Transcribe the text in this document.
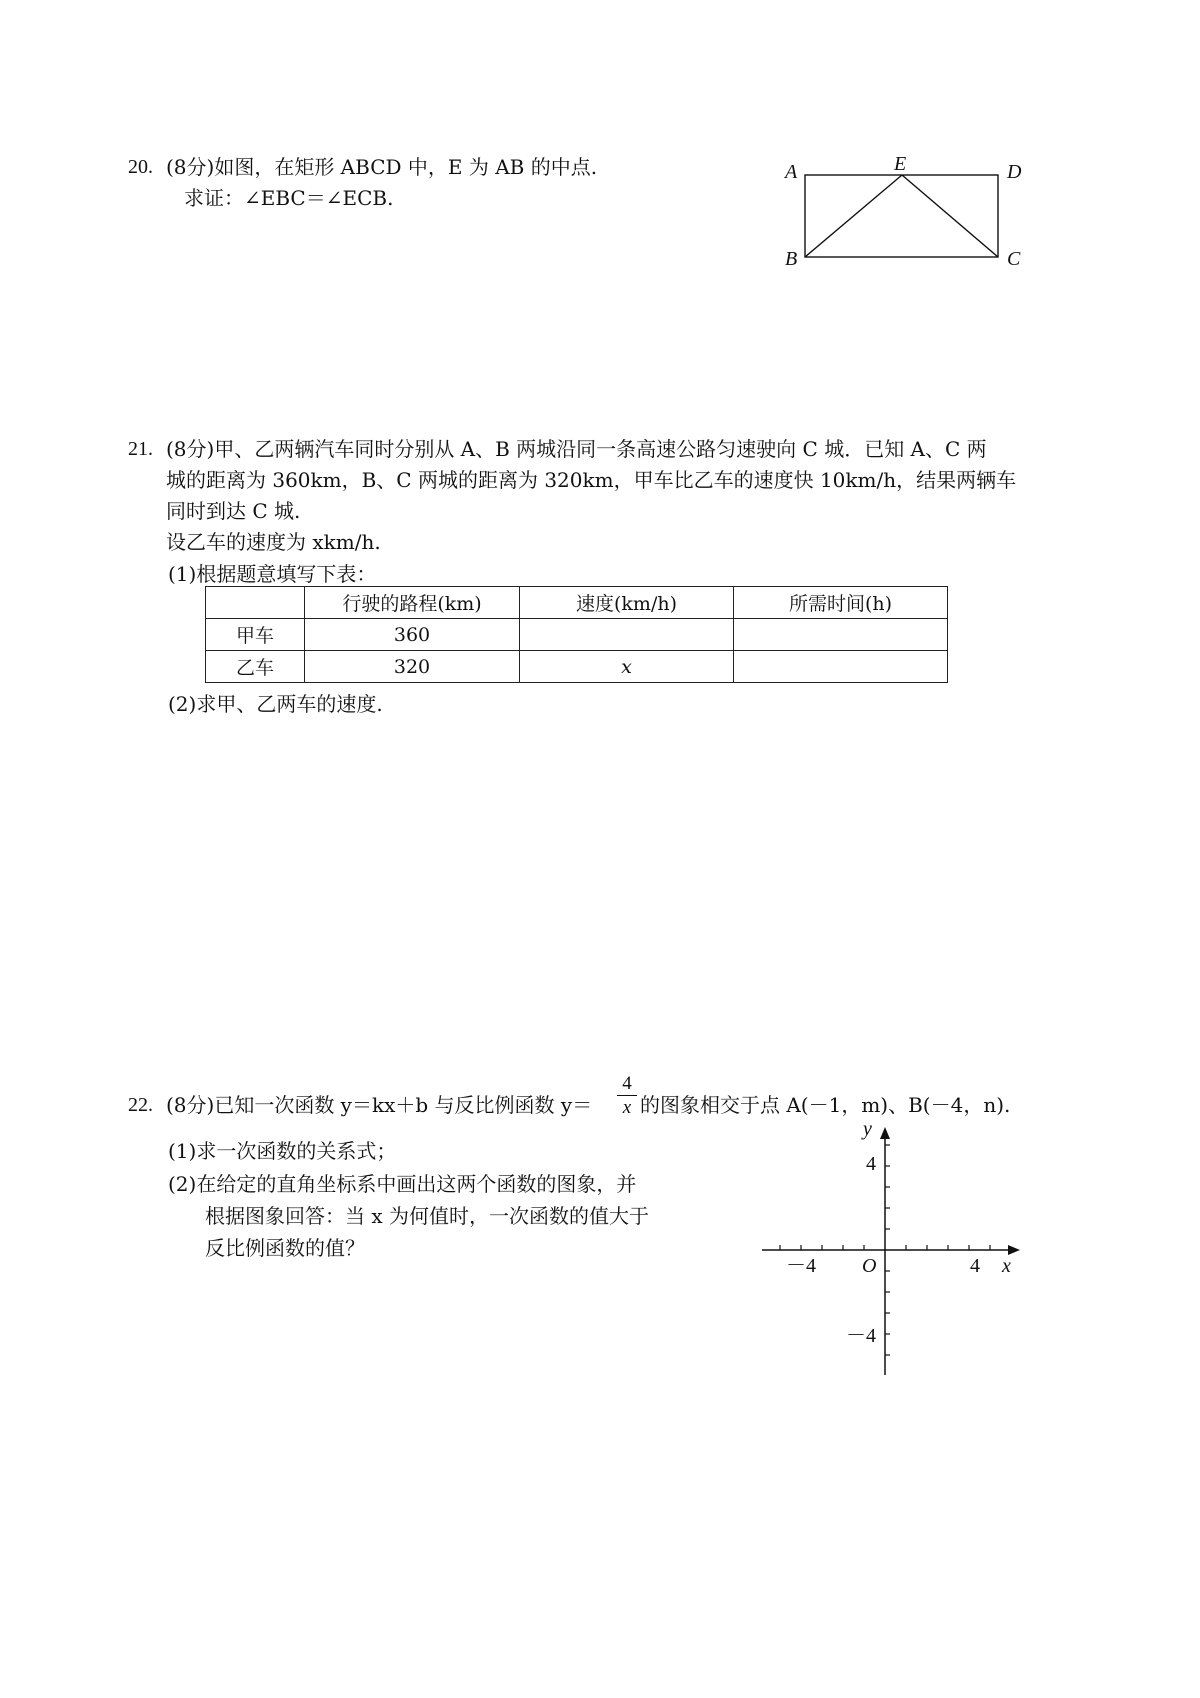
20. (8分)如图，在矩形 ABCD 中，E 为 AB 的中点.
求证：∠EBC＝∠ECB.
A	E	D
B	C
21. (8分)甲、乙两辆汽车同时分别从 A、B 两城沿同一条高速公路匀速驶向 C 城．已知 A、C 两
城的距离为 360km，B、C 两城的距离为 320km，甲车比乙车的速度快 10km/h，结果两辆车
同时到达 C 城.
设乙车的速度为 xkm/h.
(1)根据题意填写下表：
	行驶的路程(km)	速度(km/h)	所需时间(h)
甲车	360		
乙车	320	x	
(2)求甲、乙两车的速度.
22. (8分)已知一次函数 y＝kx＋b 与反比例函数 y＝
4
x 的图象相交于点 A(－1，m)、B(－4，n).
(1)求一次函数的关系式；
(2)在给定的直角坐标系中画出这两个函数的图象，并
根据图象回答：当 x 为何值时，一次函数的值大于
反比例函数的值？
y
x
O
4
－4
4
－4
